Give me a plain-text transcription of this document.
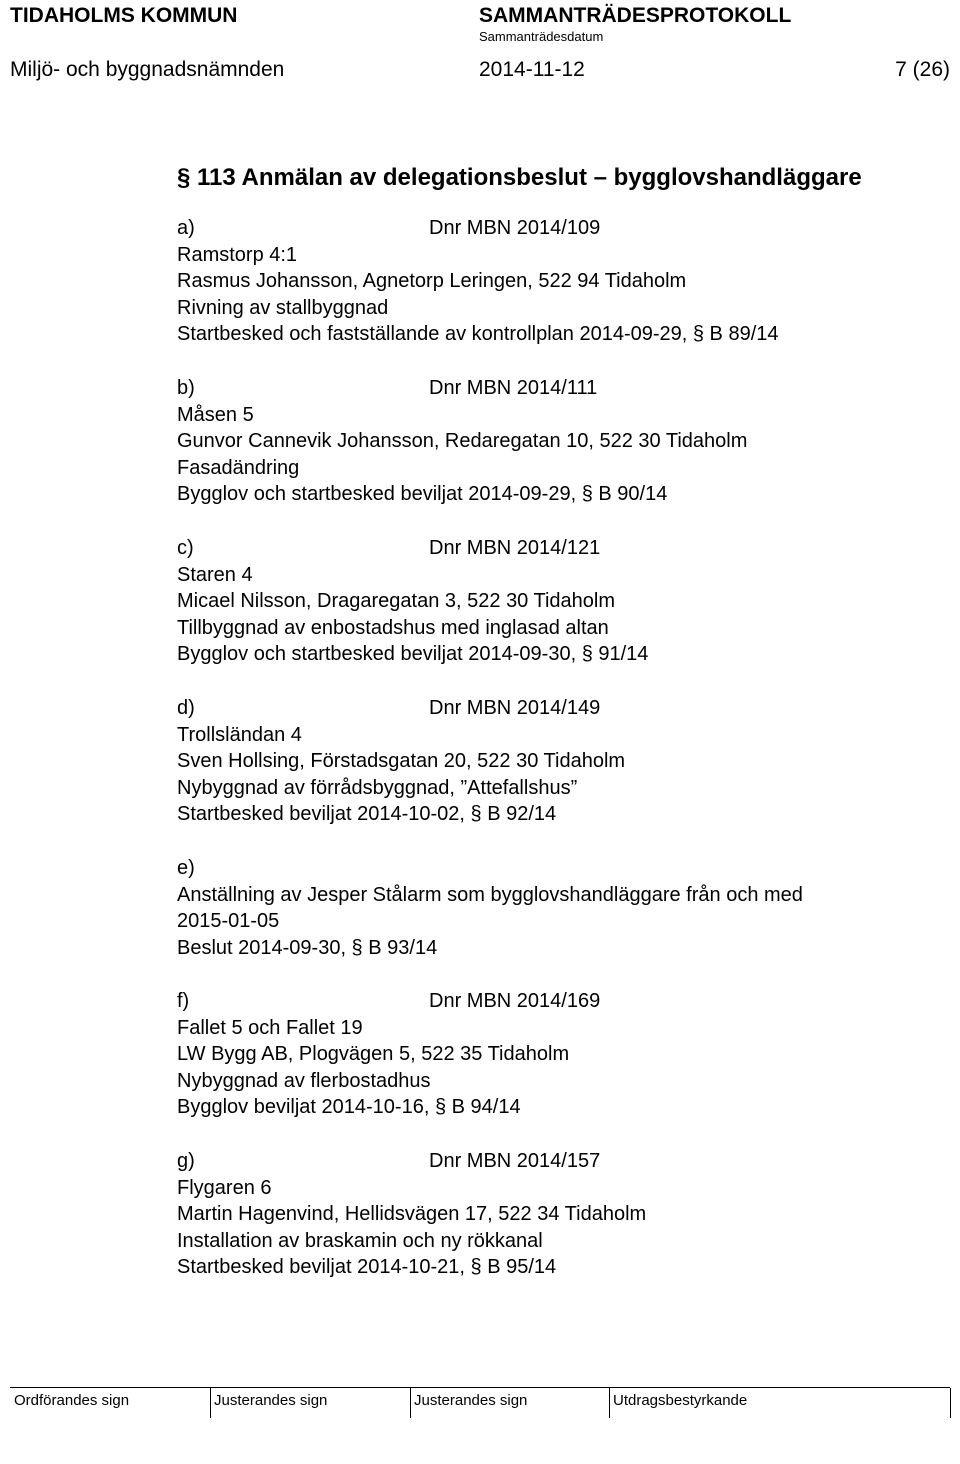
TIDAHOLMS KOMMUN	SAMMANTRÄDESPROTOKOLL
Sammanträdesdatum
Miljö- och byggnadsnämnden	2014-11-12	7 (26)
§ 113 Anmälan av delegationsbeslut – bygglovshandläggare
a)	Dnr MBN 2014/109
Ramstorp 4:1
Rasmus Johansson, Agnetorp Leringen, 522 94 Tidaholm
Rivning av stallbyggnad
Startbesked och fastställande av kontrollplan 2014-09-29, § B 89/14
b)	Dnr MBN 2014/111
Måsen 5
Gunvor Cannevik Johansson, Redaregatan 10, 522 30 Tidaholm
Fasadändring
Bygglov och startbesked beviljat 2014-09-29, § B 90/14
c)	Dnr MBN 2014/121
Staren 4
Micael Nilsson, Dragaregatan 3, 522 30 Tidaholm
Tillbyggnad av enbostadshus med inglasad altan
Bygglov och startbesked beviljat 2014-09-30, § 91/14
d)	Dnr MBN 2014/149
Trollsländan 4
Sven Hollsing, Förstadsgatan 20, 522 30 Tidaholm
Nybyggnad av förrådsbyggnad, ”Attefallshus”
Startbesked beviljat 2014-10-02, § B 92/14
e)
Anställning av Jesper Stålarm som bygglovshandläggare från och med
2015-01-05
Beslut 2014-09-30, § B 93/14
f)	Dnr MBN 2014/169
Fallet 5 och Fallet 19
LW Bygg AB, Plogvägen 5, 522 35 Tidaholm
Nybyggnad av flerbostadhus
Bygglov beviljat 2014-10-16, § B 94/14
g)	Dnr MBN 2014/157
Flygaren 6
Martin Hagenvind, Hellidsvägen 17, 522 34 Tidaholm
Installation av braskamin och ny rökkanal
Startbesked beviljat 2014-10-21, § B 95/14
Ordförandes sign	Justerandes sign	Justerandes sign	Utdragsbestyrkande
